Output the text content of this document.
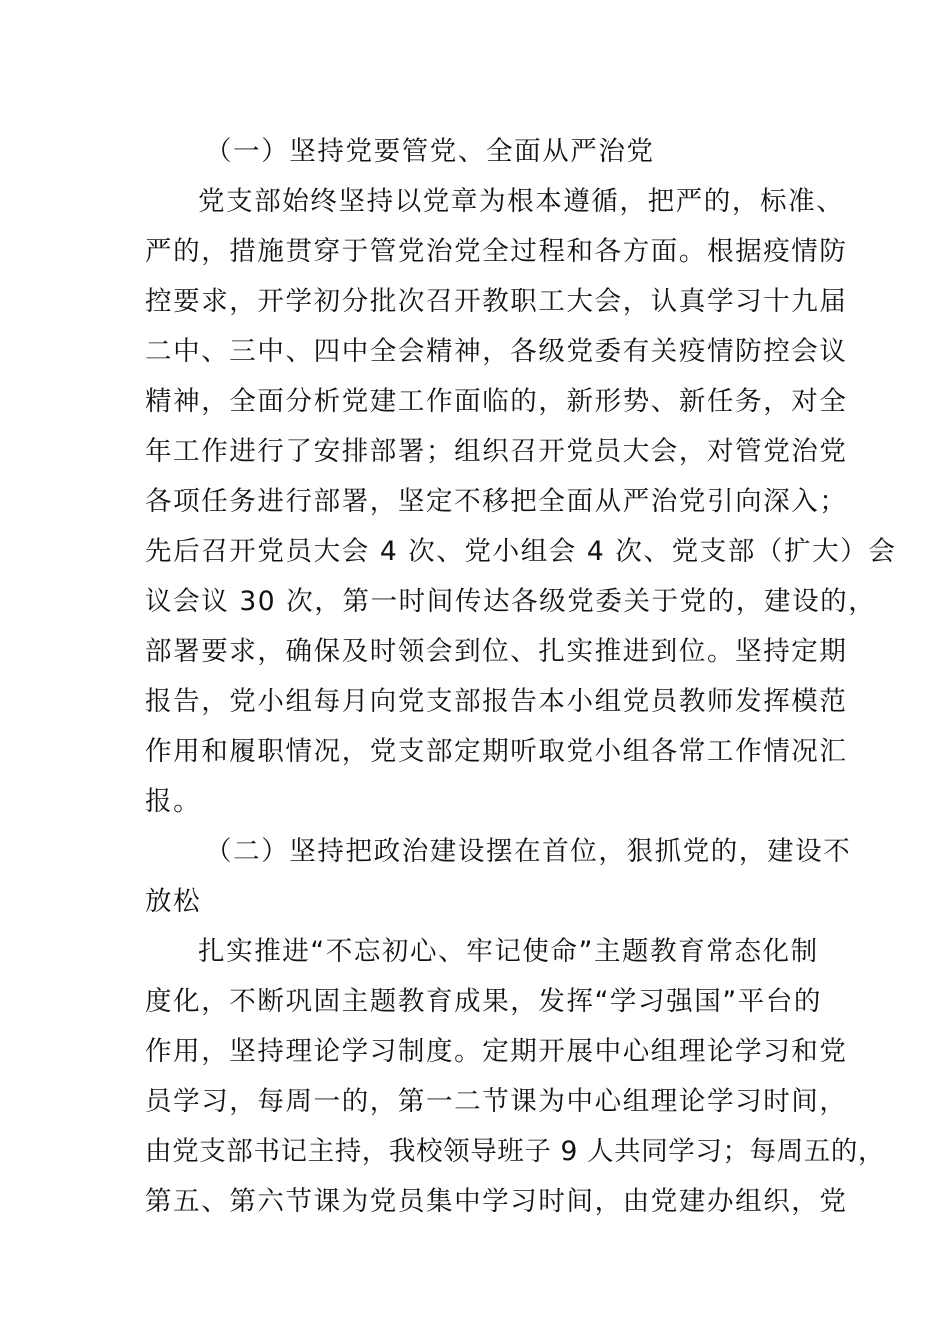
（一）坚持党要管党、全面从严治党
党支部始终坚持以党章为根本遵循，把严的，标准、
严的，措施贯穿于管党治党全过程和各方面。根据疫情防
控要求，开学初分批次召开教职工大会，认真学习十九届
二中、三中、四中全会精神，各级党委有关疫情防控会议
精神，全面分析党建工作面临的，新形势、新任务，对全
年工作进行了安排部署；组织召开党员大会，对管党治党
各项任务进行部署，坚定不移把全面从严治党引向深入；
先后召开党员大会 4 次、党小组会 4 次、党支部（扩大）会
议会议 30 次，第一时间传达各级党委关于党的，建设的，
部署要求，确保及时领会到位、扎实推进到位。坚持定期
报告，党小组每月向党支部报告本小组党员教师发挥模范
作用和履职情况，党支部定期听取党小组各常工作情况汇
报。
（二）坚持把政治建设摆在首位，狠抓党的，建设不
放松
扎实推进“不忘初心、牢记使命”主题教育常态化制
度化，不断巩固主题教育成果，发挥“学习强国”平台的
作用，坚持理论学习制度。定期开展中心组理论学习和党
员学习，每周一的，第一二节课为中心组理论学习时间，
由党支部书记主持，我校领导班子 9 人共同学习；每周五的，
第五、第六节课为党员集中学习时间，由党建办组织，党
